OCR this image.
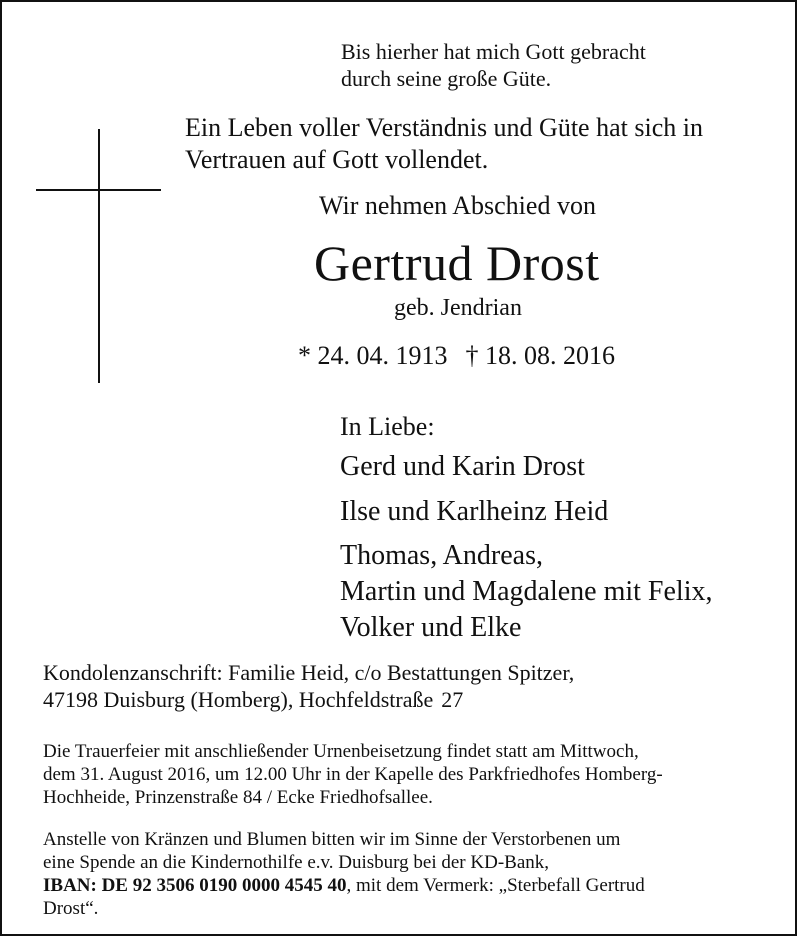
Bis hierher hat mich Gott gebracht
durch seine große Güte.
Ein Leben voller Verständnis und Güte hat sich in
Vertrauen auf Gott vollendet.
Wir nehmen Abschied von
Gertrud Drost
geb. Jendrian
* 24. 04. 1913 † 18. 08. 2016
In Liebe:
Gerd und Karin Drost
Ilse und Karlheinz Heid
Thomas, Andreas,
Martin und Magdalene mit Felix,
Volker und Elke
Kondolenzanschrift: Familie Heid, c/o Bestattungen Spitzer,
47198 Duisburg (Homberg), Hochfeldstraße 27
Die Trauerfeier mit anschließender Urnenbeisetzung findet statt am Mittwoch,
dem 31. August 2016, um 12.00 Uhr in der Kapelle des Parkfriedhofes Homberg-
Hochheide, Prinzenstraße 84 / Ecke Friedhofsallee.
Anstelle von Kränzen und Blumen bitten wir im Sinne der Verstorbenen um
eine Spende an die Kindernothilfe e.v. Duisburg bei der KD-Bank,
IBAN: DE 92 3506 0190 0000 4545 40, mit dem Vermerk: „Sterbefall Gertrud
Drost“.
